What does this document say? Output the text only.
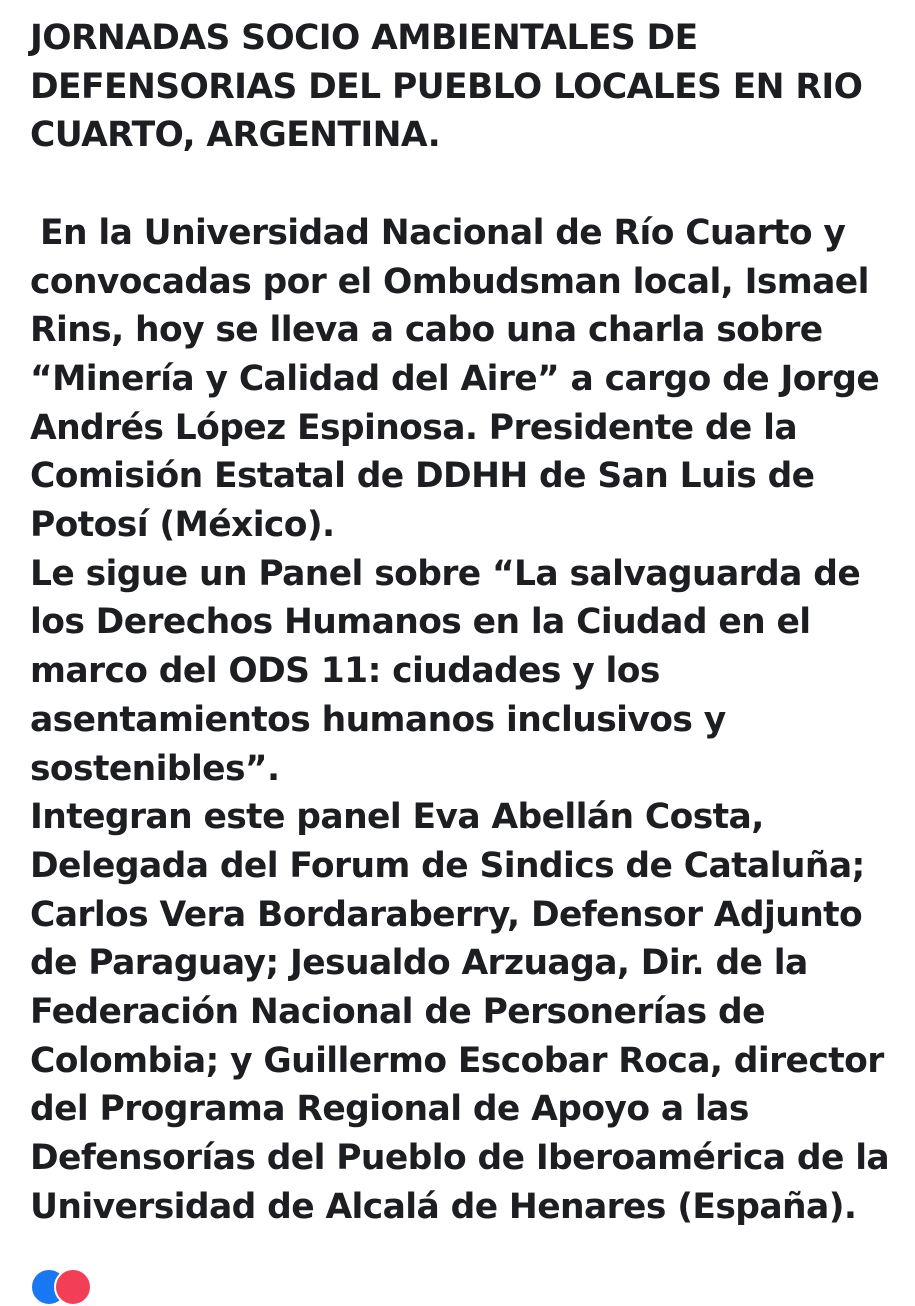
JORNADAS SOCIO AMBIENTALES DE
DEFENSORIAS DEL PUEBLO LOCALES EN RIO
CUARTO, ARGENTINA.
En la Universidad Nacional de Río Cuarto y
convocadas por el Ombudsman local, Ismael
Rins, hoy se lleva a cabo una charla sobre
“Minería y Calidad del Aire” a cargo de Jorge
Andrés López Espinosa. Presidente de la
Comisión Estatal de DDHH de San Luis de
Potosí (México).
Le sigue un Panel sobre “La salvaguarda de
los Derechos Humanos en la Ciudad en el
marco del ODS 11: ciudades y los
asentamientos humanos inclusivos y
sostenibles”.
Integran este panel Eva Abellán Costa,
Delegada del Forum de Sindics de Cataluña;
Carlos Vera Bordaraberry, Defensor Adjunto
de Paraguay; Jesualdo Arzuaga, Dir. de la
Federación Nacional de Personerías de
Colombia; y Guillermo Escobar Roca, director
del Programa Regional de Apoyo a las
Defensorías del Pueblo de Iberoamérica de la
Universidad de Alcalá de Henares (España).
